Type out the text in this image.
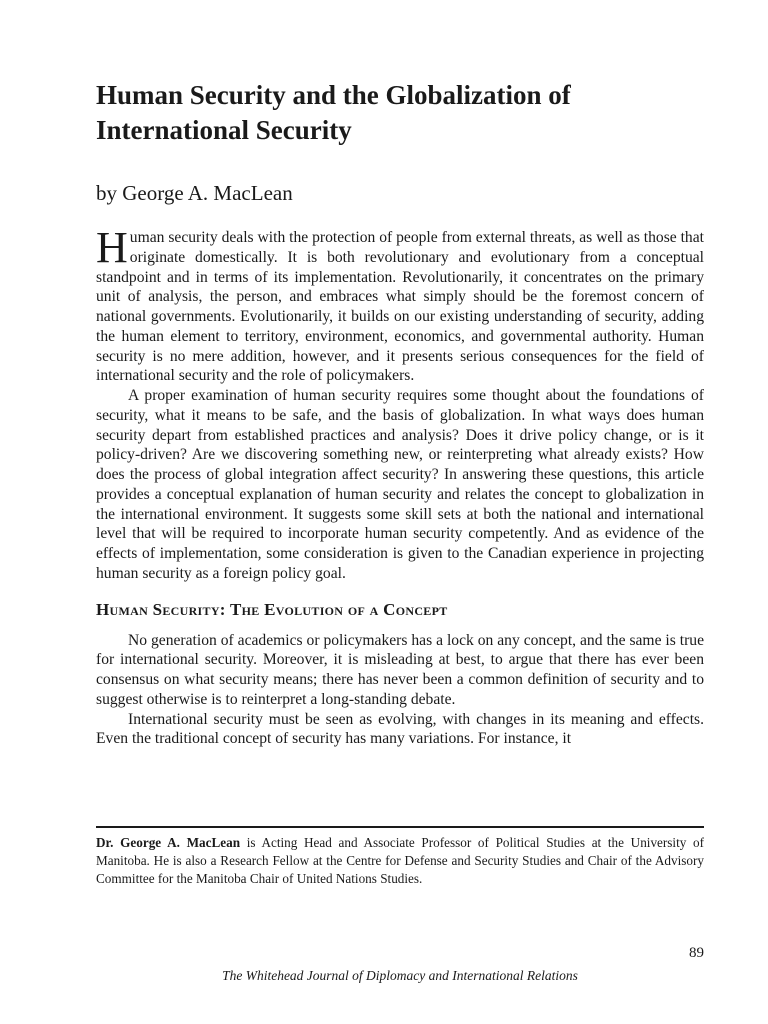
Human Security and the Globalization of International Security

by George A. MacLean

Human security deals with the protection of people from external threats, as well as those that originate domestically. It is both revolutionary and evolutionary from a conceptual standpoint and in terms of its implementation. Revolutionarily, it concentrates on the primary unit of analysis, the person, and embraces what simply should be the foremost concern of national governments. Evolutionarily, it builds on our existing understanding of security, adding the human element to territory, environment, economics, and governmental authority. Human security is no mere addition, however, and it presents serious consequences for the field of international security and the role of policymakers.

A proper examination of human security requires some thought about the foundations of security, what it means to be safe, and the basis of globalization. In what ways does human security depart from established practices and analysis? Does it drive policy change, or is it policy-driven? Are we discovering something new, or reinterpreting what already exists? How does the process of global integration affect security? In answering these questions, this article provides a conceptual explanation of human security and relates the concept to globalization in the international environment. It suggests some skill sets at both the national and international level that will be required to incorporate human security competently. And as evidence of the effects of implementation, some consideration is given to the Canadian experience in projecting human security as a foreign policy goal.

Human Security: The Evolution of a Concept

No generation of academics or policymakers has a lock on any concept, and the same is true for international security. Moreover, it is misleading at best, to argue that there has ever been consensus on what security means; there has never been a common definition of security and to suggest otherwise is to reinterpret a long-standing debate.

International security must be seen as evolving, with changes in its meaning and effects. Even the traditional concept of security has many variations. For instance, it

Dr. George A. MacLean is Acting Head and Associate Professor of Political Studies at the University of Manitoba. He is also a Research Fellow at the Centre for Defense and Security Studies and Chair of the Advisory Committee for the Manitoba Chair of United Nations Studies.

89

The Whitehead Journal of Diplomacy and International Relations
